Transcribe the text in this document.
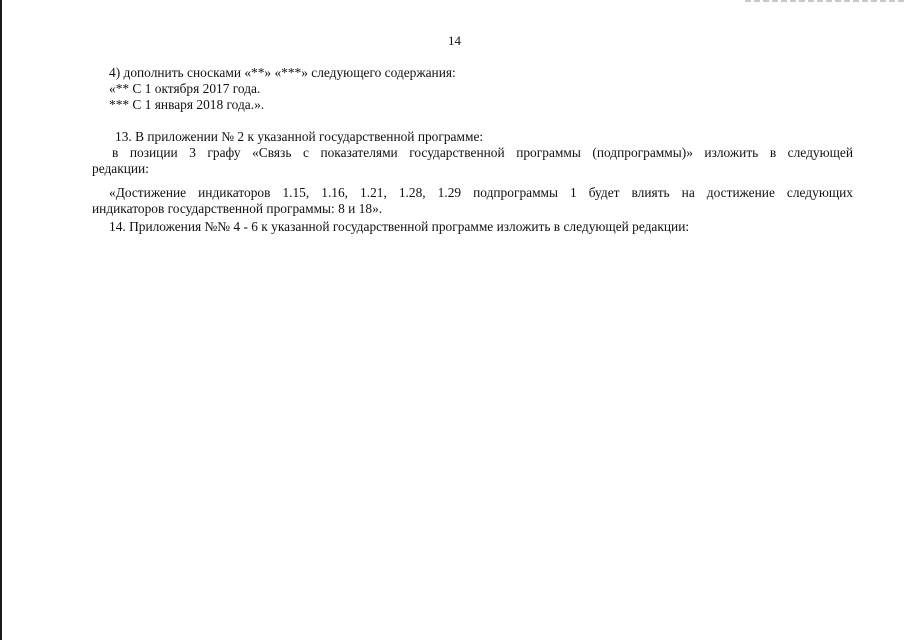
14
4) дополнить сносками «**» «***» следующего содержания:
«** С 1 октября 2017 года.
*** С 1 января 2018 года.».
13. В приложении № 2 к указанной государственной программе:
в позиции 3 графу «Связь с показателями государственной программы (подпрограммы)» изложить в следующей
редакции:
«Достижение индикаторов 1.15, 1.16, 1.21, 1.28, 1.29 подпрограммы 1 будет влиять на достижение следующих
индикаторов государственной программы: 8 и 18».
14. Приложения №№ 4 - 6 к указанной государственной программе изложить в следующей редакции:
